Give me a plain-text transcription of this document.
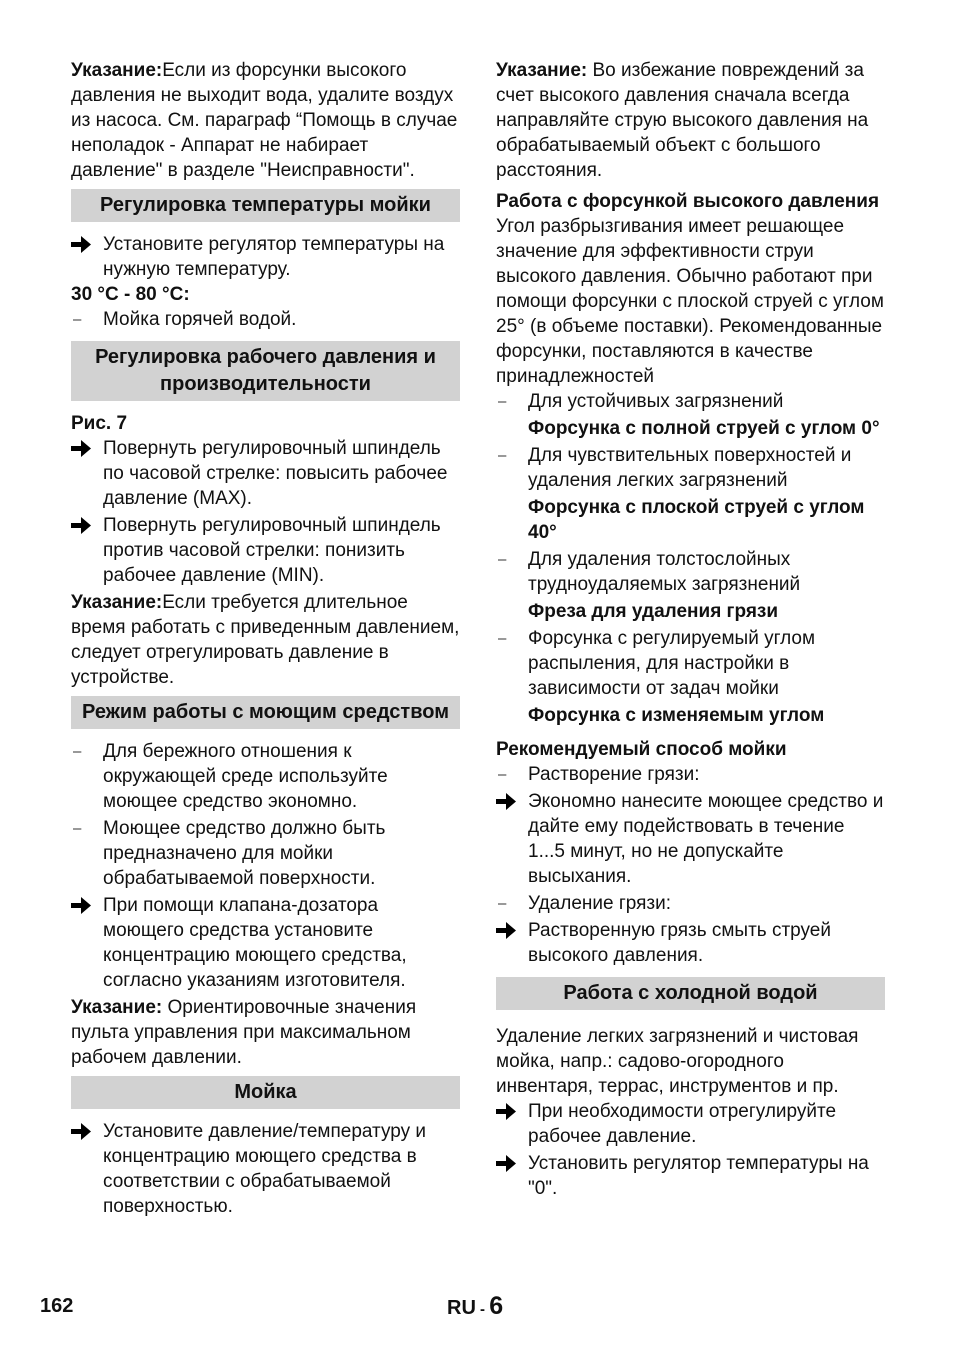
Указание:Если из форсунки высокого давления не выходит вода, удалите воздух из насоса. См. параграф “Помощь в случае неполадок - Аппарат не набирает давление" в разделе "Неисправности".

Регулировка температуры мойки
Установите регулятор температуры на нужную температуру.

30 °C - 80 °C:

–	Мойка горячей водой.
Регулировка рабочего давления и производительности

Рис. 7

Повернуть регулировочный шпиндель по часовой стрелке: повысить рабочее давление (MAX).
Повернуть регулировочный шпиндель против часовой стрелки: понизить рабочее давление (MIN).

Указание:Если требуется длительное время работать с приведенным давлением, следует отрегулировать давление в устройстве.

Режим работы с моющим средством
–	Для бережного отношения к окружающей среде используйте моющее средство экономно.
–	Моющее средство должно быть предназначено для мойки обрабатываемой поверхности.
При помощи клапана-дозатора моющего средства установите концентрацию моющего средства, согласно указаниям изготовителя.

Указание: Ориентировочные значения пульта управления при максимальном рабочем давлении.

Мойка
Установите давление/температуру и концентрацию моющего средства в соответствии с обрабатываемой поверхностью.

Указание: Во избежание повреждений за счет высокого давления сначала всегда направляйте струю высокого давления на обрабатываемый объект с большого расстояния.

Работа с форсункой высокого давления

Угол разбрызгивания имеет решающее значение для эффективности струи высокого давления. Обычно работают при помощи форсунки с плоской струей с углом 25° (в объеме поставки). Рекомендованные форсунки, поставляются в качестве принадлежностей

–	Для устойчивых загрязнений
Форсунка с полной струей с углом 0°
–	Для чувствительных поверхностей и удаления легких загрязнений
Форсунка с плоской струей с углом 40°
–	Для удаления толстослойных трудноудаляемых загрязнений
Фреза для удаления грязи
–	Форсунка с регулируемый углом распыления, для настройки в зависимости от задач мойки
Форсунка с изменяемым углом

Рекомендуемый способ мойки

–	Растворение грязи:
Экономно нанесите моющее средство и дайте ему подействовать в течение 1...5 минут, но не допускайте высыхания.
–	Удаление грязи:
Растворенную грязь смыть струей высокого давления.
Работа с холодной водой

Удаление легких загрязнений и чистовая мойка, напр.: садово-огородного инвентаря, террас, инструментов и пр.

При необходимости отрегулируйте рабочее давление.
Установить регулятор температуры на "0".
162	RU - 6
